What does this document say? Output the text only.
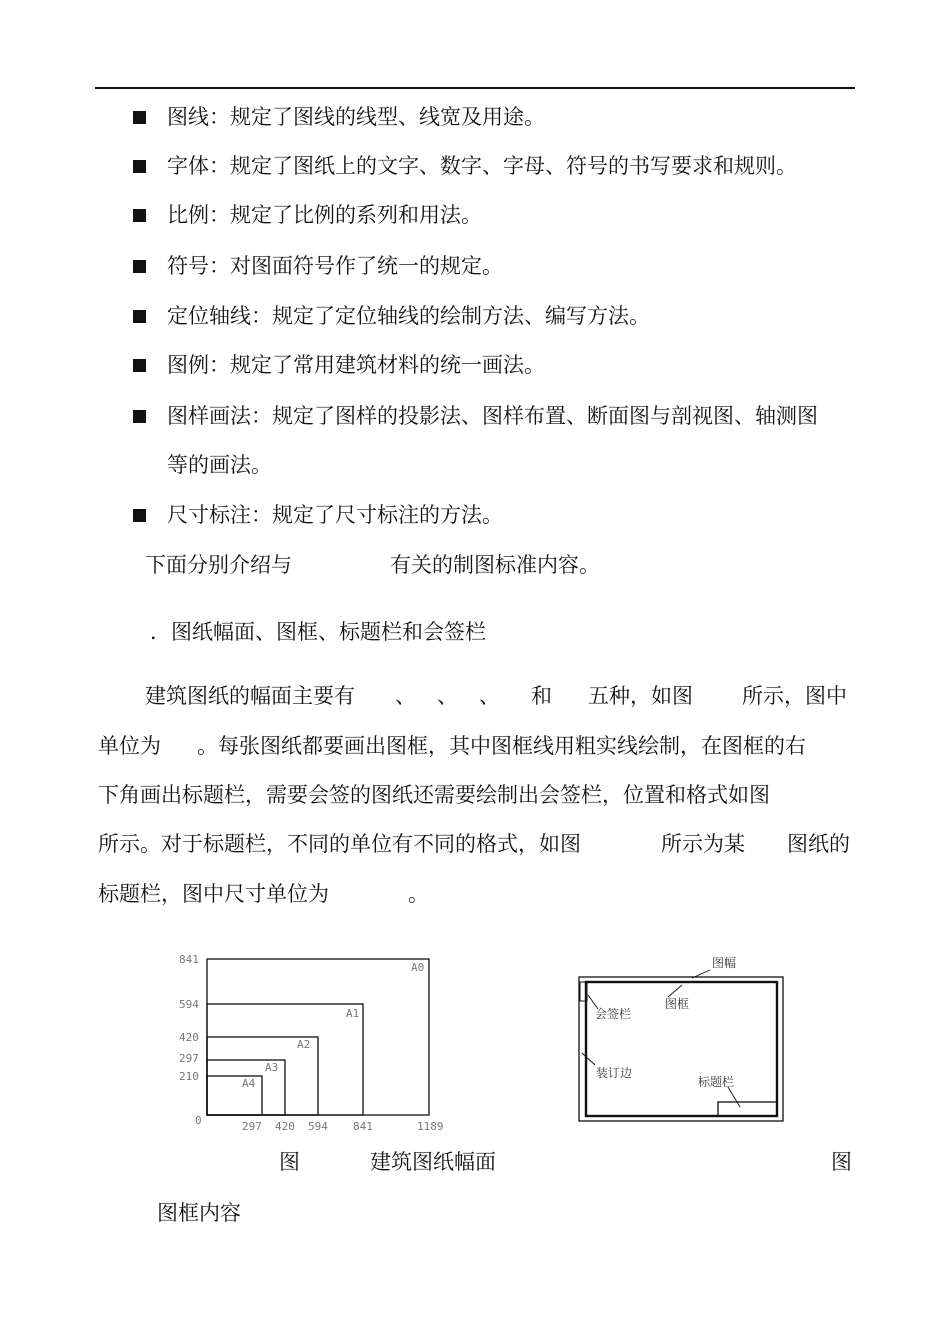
图线：规定了图线的线型、线宽及用途。
字体：规定了图纸上的文字、数字、字母、符号的书写要求和规则。
比例：规定了比例的系列和用法。
符号：对图面符号作了统一的规定。
定位轴线：规定了定位轴线的绘制方法、编写方法。
图例：规定了常用建筑材料的统一画法。
图样画法：规定了图样的投影法、图样布置、断面图与剖视图、轴测图
等的画法。
尺寸标注：规定了尺寸标注的方法。
下面分别介绍与	有关的制图标准内容。
．图纸幅面、图框、标题栏和会签栏
建筑图纸的幅面主要有 、 、 、 和 五种，如图 所示，图中
单位为 。每张图纸都要画出图框，其中图框线用粗实线绘制，在图框的右
下角画出标题栏，需要会签的图纸还需要绘制出会签栏，位置和格式如图
所示。对于标题栏，不同的单位有不同的格式，如图	所示为某 图纸的
标题栏，图中尺寸单位为	。
A0
A1
A2
A3
A4
841
594
420
297
210
0	297 420 594 841	1189
图幅
图框
会签栏
装订边
标题栏
图	建筑图纸幅面	图
图框内容
